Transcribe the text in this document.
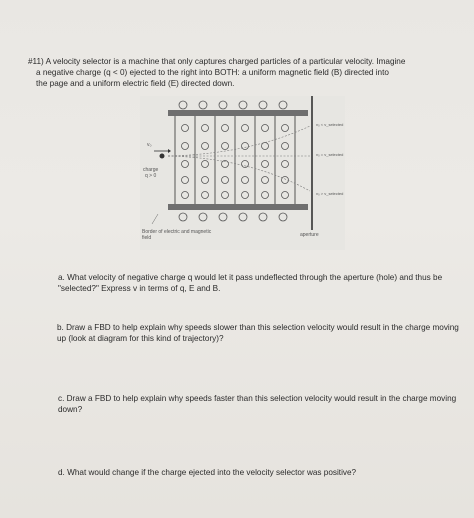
#11) A velocity selector is a machine that only captures charged particles of a particular velocity. Imagine
a negative charge (q < 0) ejected to the right into BOTH: a uniform magnetic field (B) directed into
the page and a uniform electric field (E) directed down.
v₀
charge
q > 0
Border of electric and magnetic field	aperture
v₀ < v_selected
v₀ = v_selected
v₀ > v_selected
a. What velocity of negative charge q would let it pass undeflected through the aperture (hole) and thus be "selected?" Express v in terms of q, E and B.
b. Draw a FBD to help explain why speeds slower than this selection velocity would result in the charge moving up (look at diagram for this kind of trajectory)?
c. Draw a FBD to help explain why speeds faster than this selection velocity would result in the charge moving down?
d. What would change if the charge ejected into the velocity selector was positive?
